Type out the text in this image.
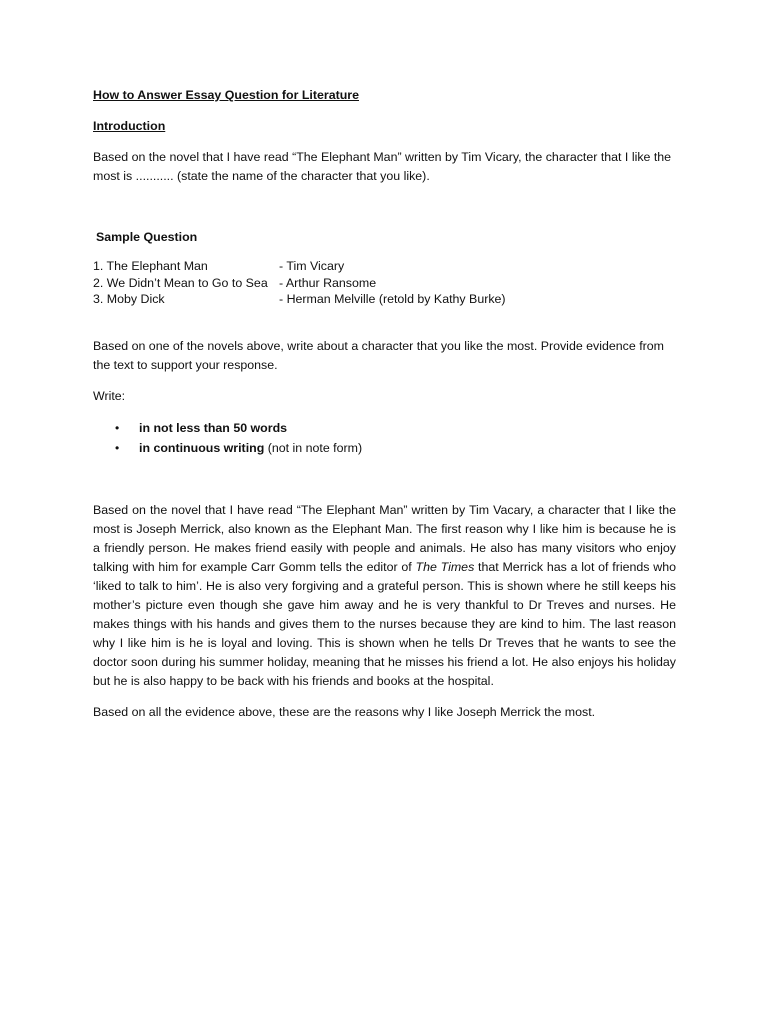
How to Answer Essay Question for Literature

Introduction

Based on the novel that I have read “The Elephant Man” written by Tim Vicary, the character that I like the most is ........... (state the name of the character that you like).

Sample Question

1. The Elephant Man	- Tim Vicary
2. We Didn’t Mean to Go to Sea - Arthur Ransome
3. Moby Dick	- Herman Melville (retold by Kathy Burke)

Based on one of the novels above, write about a character that you like the most. Provide evidence from the text to support your response.

Write:

• in not less than 50 words
• in continuous writing (not in note form)

Based on the novel that I have read “The Elephant Man” written by Tim Vacary, a character that I like the most is Joseph Merrick, also known as the Elephant Man. The first reason why I like him is because he is a friendly person. He makes friend easily with people and animals. He also has many visitors who enjoy talking with him for example Carr Gomm tells the editor of The Times that Merrick has a lot of friends who ‘liked to talk to him’. He is also very forgiving and a grateful person. This is shown where he still keeps his mother’s picture even though she gave him away and he is very thankful to Dr Treves and nurses. He makes things with his hands and gives them to the nurses because they are kind to him. The last reason why I like him is he is loyal and loving. This is shown when he tells Dr Treves that he wants to see the doctor soon during his summer holiday, meaning that he misses his friend a lot. He also enjoys his holiday but he is also happy to be back with his friends and books at the hospital.

Based on all the evidence above, these are the reasons why I like Joseph Merrick the most.
